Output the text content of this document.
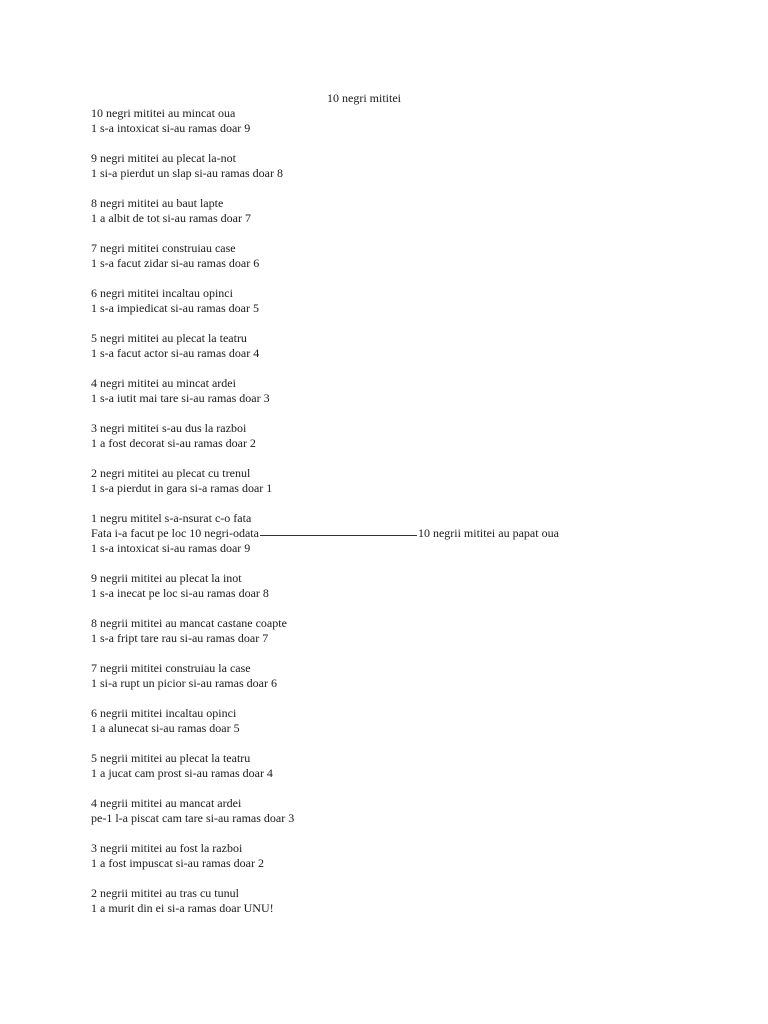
10 negri mititei
10 negri mititei au mincat oua
1 s-a intoxicat si-au ramas doar 9
9 negri mititei au plecat la-not
1 si-a pierdut un slap si-au ramas doar 8
8 negri mititei au baut lapte
1 a albit de tot si-au ramas doar 7
7 negri mititei construiau case
1 s-a facut zidar si-au ramas doar 6
6 negri mititei incaltau opinci
1 s-a impiedicat si-au ramas doar 5
5 negri mititei au plecat la teatru
1 s-a facut actor si-au ramas doar 4
4 negri mititei au mincat ardei
1 s-a iutit mai tare si-au ramas doar 3
3 negri mititei s-au dus la razboi
1 a fost decorat si-au ramas doar 2
2 negri mititei au plecat cu trenul
1 s-a pierdut in gara si-a ramas doar 1
1 negru mititel s-a-nsurat c-o fata
Fata i-a facut pe loc 10 negri-odata	10 negrii mititei au papat oua
1 s-a intoxicat si-au ramas doar 9
9 negrii mititei au plecat la inot
1 s-a inecat pe loc si-au ramas doar 8
8 negrii mititei au mancat castane coapte
1 s-a fript tare rau si-au ramas doar 7
7 negrii mititei construiau la case
1 si-a rupt un picior si-au ramas doar 6
6 negrii mititei incaltau opinci
1 a alunecat si-au ramas doar 5
5 negrii mititei au plecat la teatru
1 a jucat cam prost si-au ramas doar 4
4 negrii mititei au mancat ardei
pe-1 l-a piscat cam tare si-au ramas doar 3
3 negrii mititei au fost la razboi
1 a fost impuscat si-au ramas doar 2
2 negrii mititei au tras cu tunul
1 a murit din ei si-a ramas doar UNU!
